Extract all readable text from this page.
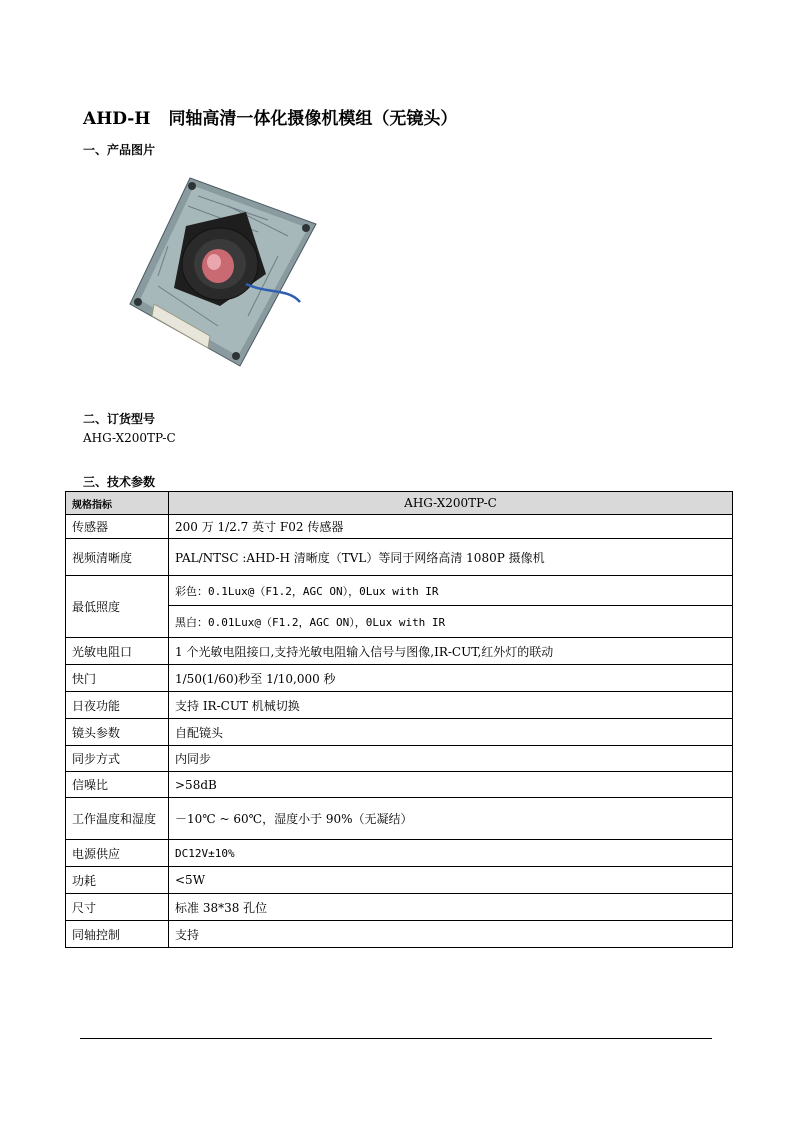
AHD-H 同轴高清一体化摄像机模组（无镜头）
一、产品图片
二、订货型号
AHG-X200TP-C
三、技术参数
规格指标	AHG-X200TP-C
传感器	200 万 1/2.7 英寸 F02 传感器
视频清晰度	PAL/NTSC :AHD-H 清晰度（TVL）等同于网络高清 1080P 摄像机
最低照度	彩色：0.1Lux@（F1.2，AGC ON），0Lux with IR
	黑白：0.01Lux@（F1.2，AGC ON），0Lux with IR
光敏电阻口	1 个光敏电阻接口,支持光敏电阻输入信号与图像,IR-CUT,红外灯的联动
快门	1/50(1/60)秒至 1/10,000 秒
日夜功能	支持 IR-CUT 机械切换
镜头参数	自配镜头
同步方式	内同步
信噪比	>58dB
工作温度和湿度	－10℃ ~ 60℃，湿度小于 90%（无凝结）
电源供应	DC12V±10%
功耗	<5W
尺寸	标准 38*38 孔位
同轴控制	支持
